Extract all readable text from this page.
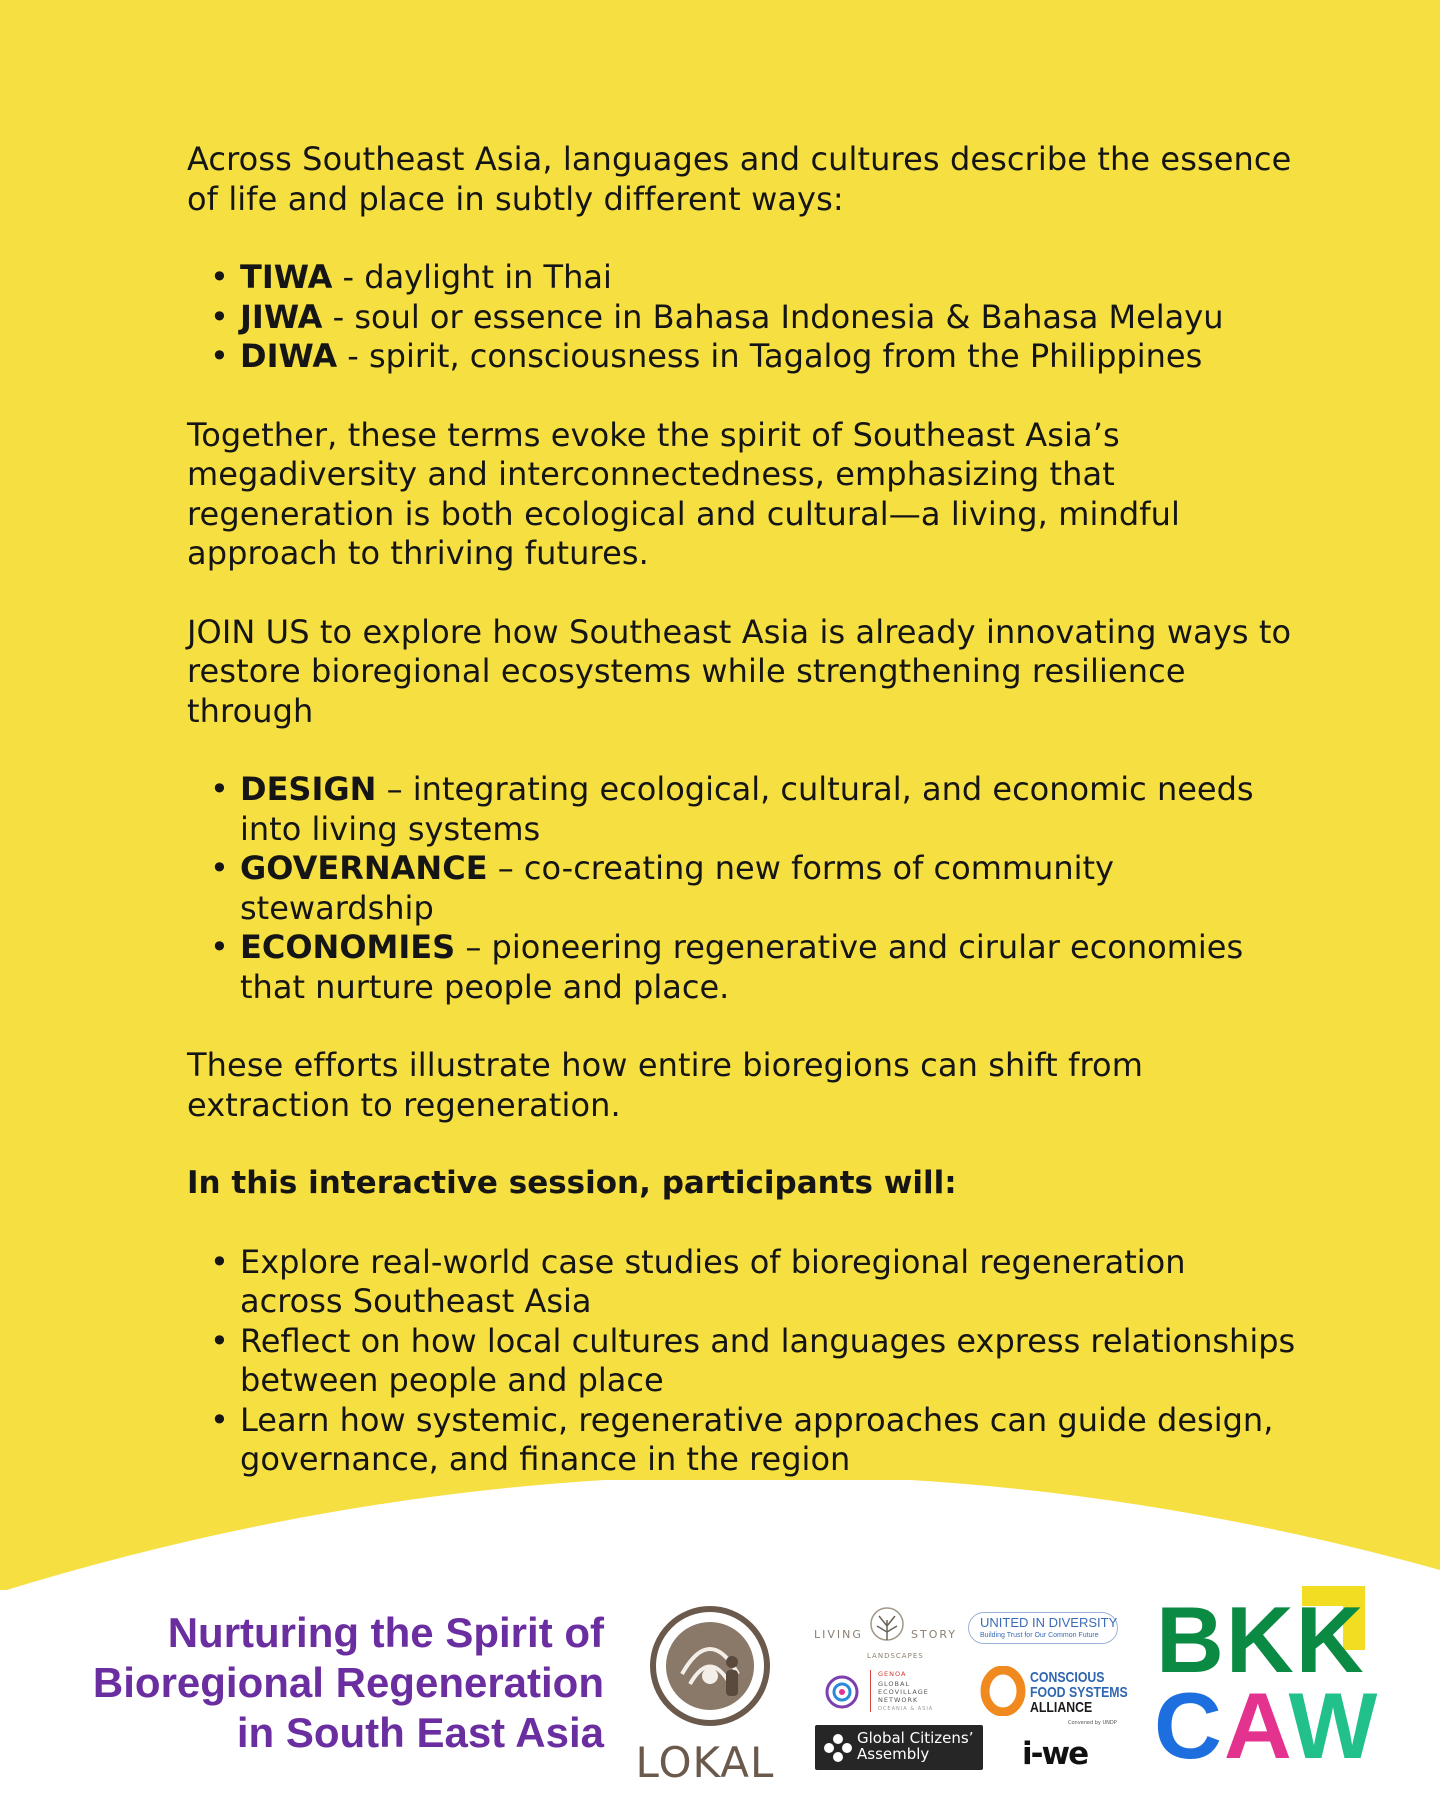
Across Southeast Asia, languages and cultures describe the essence of life and place in subtly different ways:

• TIWA - daylight in Thai
• JIWA - soul or essence in Bahasa Indonesia & Bahasa Melayu
• DIWA - spirit, consciousness in Tagalog from the Philippines

Together, these terms evoke the spirit of Southeast Asia’s megadiversity and interconnectedness, emphasizing that regeneration is both ecological and cultural—a living, mindful approach to thriving futures.

JOIN US to explore how Southeast Asia is already innovating ways to restore bioregional ecosystems while strengthening resilience through

• DESIGN – integrating ecological, cultural, and economic needs into living systems
• GOVERNANCE – co-creating new forms of community stewardship
• ECONOMIES – pioneering regenerative and cirular economies that nurture people and place.

These efforts illustrate how entire bioregions can shift from extraction to regeneration.

In this interactive session, participants will:

• Explore real-world case studies of bioregional regeneration across Southeast Asia
• Reflect on how local cultures and languages express relationships between people and place
• Learn how systemic, regenerative approaches can guide design, governance, and finance in the region
Nurturing the Spirit of
Bioregional Regeneration
in South East Asia
LOKAL
LIVING	STORY
LANDSCAPES
UNITED IN DIVERSITY
Building Trust for Our Common Future
GENOA
GLOBAL
ECOVILLAGE
NETWORK
OCEANIA & ASIA
CONSCIOUS
FOOD SYSTEMS
ALLIANCE
Convened by UNDP
Global Citizens’
Assembly	i-we
BKK
CAW
